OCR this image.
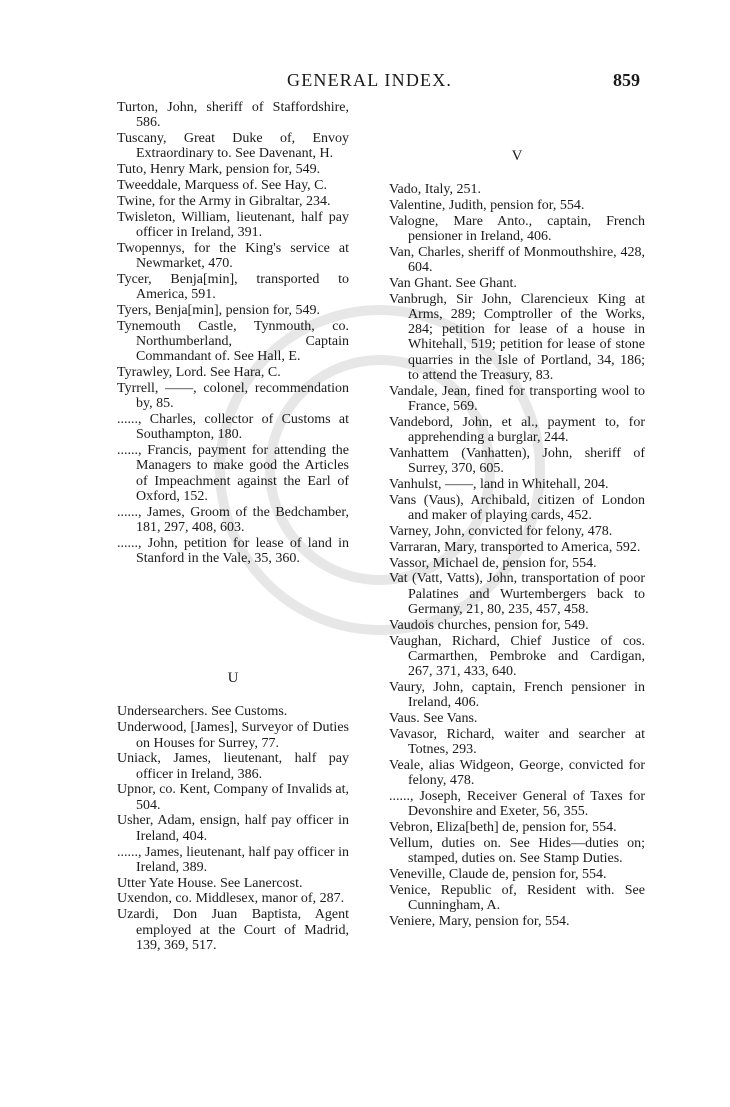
GENERAL INDEX.	859
Turton, John, sheriff of Staffordshire, 586.
Tuscany, Great Duke of, Envoy Extraordinary to. See Davenant, H.
Tuto, Henry Mark, pension for, 549.
Tweeddale, Marquess of. See Hay, C.
Twine, for the Army in Gibraltar, 234.
Twisleton, William, lieutenant, half pay officer in Ireland, 391.
Twopennys, for the King's service at Newmarket, 470.
Tycer, Benja[min], transported to America, 591.
Tyers, Benja[min], pension for, 549.
Tynemouth Castle, Tynmouth, co. Northumberland, Captain Commandant of. See Hall, E.
Tyrawley, Lord. See Hara, C.
Tyrrell, ——, colonel, recommendation by, 85.
......, Charles, collector of Customs at Southampton, 180.
......, Francis, payment for attending the Managers to make good the Articles of Impeachment against the Earl of Oxford, 152.
......, James, Groom of the Bedchamber, 181, 297, 408, 603.
......, John, petition for lease of land in Stanford in the Vale, 35, 360.
U
Undersearchers. See Customs.
Underwood, [James], Surveyor of Duties on Houses for Surrey, 77.
Uniack, James, lieutenant, half pay officer in Ireland, 386.
Upnor, co. Kent, Company of Invalids at, 504.
Usher, Adam, ensign, half pay officer in Ireland, 404.
......, James, lieutenant, half pay officer in Ireland, 389.
Utter Yate House. See Lanercost.
Uxendon, co. Middlesex, manor of, 287.
Uzardi, Don Juan Baptista, Agent employed at the Court of Madrid, 139, 369, 517.
V
Vado, Italy, 251.
Valentine, Judith, pension for, 554.
Valogne, Mare Anto., captain, French pensioner in Ireland, 406.
Van, Charles, sheriff of Monmouthshire, 428, 604.
Van Ghant. See Ghant.
Vanbrugh, Sir John, Clarencieux King at Arms, 289; Comptroller of the Works, 284; petition for lease of a house in Whitehall, 519; petition for lease of stone quarries in the Isle of Portland, 34, 186; to attend the Treasury, 83.
Vandale, Jean, fined for transporting wool to France, 569.
Vandebord, John, et al., payment to, for apprehending a burglar, 244.
Vanhattem (Vanhatten), John, sheriff of Surrey, 370, 605.
Vanhulst, ——, land in Whitehall, 204.
Vans (Vaus), Archibald, citizen of London and maker of playing cards, 452.
Varney, John, convicted for felony, 478.
Varraran, Mary, transported to America, 592.
Vassor, Michael de, pension for, 554.
Vat (Vatt, Vatts), John, transportation of poor Palatines and Wurtembergers back to Germany, 21, 80, 235, 457, 458.
Vaudois churches, pension for, 549.
Vaughan, Richard, Chief Justice of cos. Carmarthen, Pembroke and Cardigan, 267, 371, 433, 640.
Vaury, John, captain, French pensioner in Ireland, 406.
Vaus. See Vans.
Vavasor, Richard, waiter and searcher at Totnes, 293.
Veale, alias Widgeon, George, convicted for felony, 478.
......, Joseph, Receiver General of Taxes for Devonshire and Exeter, 56, 355.
Vebron, Eliza[beth] de, pension for, 554.
Vellum, duties on. See Hides—duties on; stamped, duties on. See Stamp Duties.
Veneville, Claude de, pension for, 554.
Venice, Republic of, Resident with. See Cunningham, A.
Veniere, Mary, pension for, 554.
